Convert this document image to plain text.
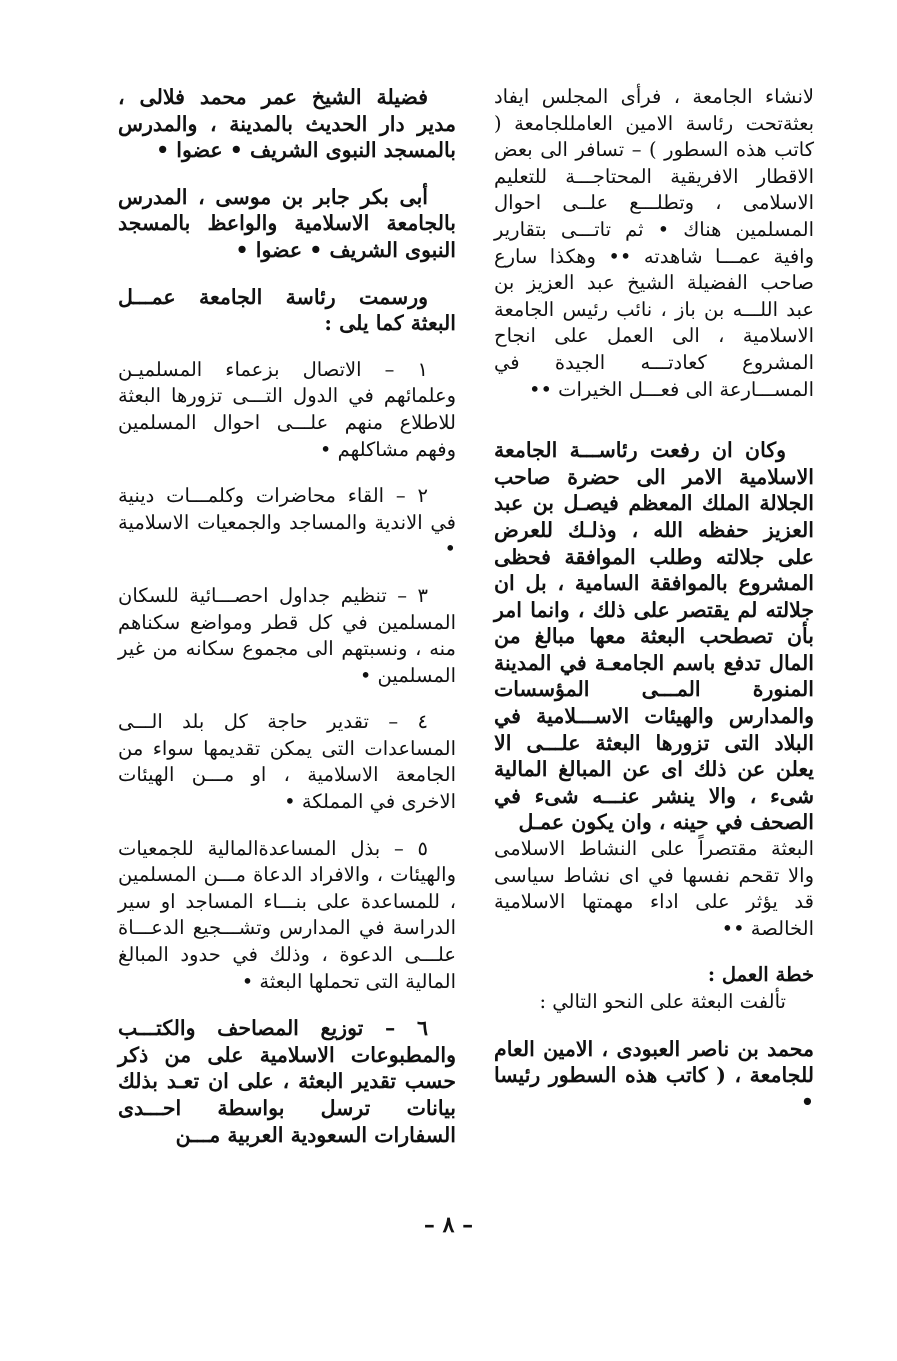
لانشاء الجامعة ، فرأى المجلس ايفاد بعثةتحت رئاسة الامين العامللجامعة ( كاتب هذه السطور ) – تسافر الى بعض الاقطار الافريقية المحتاجـــة للتعليم الاسلامى ، وتطلـــع علــى احوال المسلمين هناك • ثم تاتـــى بتقارير وافية عمـــا شاهدته •• وهكذا سارع صاحب الفضيلة الشيخ عبد العزيز بن عبد اللـــه بن باز ، نائب رئيس الجامعة الاسلامية ، الى العمل على انجاح المشروع كعادتـــه الجيدة في المســـارعة الى فعـــل الخيرات ••

وكان ان رفعت رئاســـة الجامعة الاسلامية الامر الى حضرة صاحب الجلالة الملك المعظم فيصـل بن عبد العزيز حفظه الله ، وذلـك للعرض على جلالته وطلب الموافقة فحظى المشروع بالموافقة السامية ، بل ان جلالته لم يقتصر على ذلك ، وانما امر بأن تصطحب البعثة معها مبالغ من المال تدفع باسم الجامعـة في المدينة المنورة المـــى المؤسسات والمدارس والهيئات الاســـلامية في البلاد التى تزورها البعثة علـــى الا يعلن عن ذلك اى عن المبالغ المالية شىء ، والا ينشر عنـــه شىء في الصحف في حينه ، وان يكون عمـل

البعثة مقتصراً على النشاط الاسلامى والا تقحم نفسها في اى نشاط سياسى قد يؤثر على اداء مهمتها الاسلامية الخالصة ••

خطة العمل :

تألفت البعثة على النحو التالي :

محمد بن ناصر العبودى ، الامين العام للجامعة ، ( كاتب هذه السطور رئيسا •

فضيلة الشيخ عمر محمد فلالى ، مدير دار الحديث بالمدينة ، والمدرس بالمسجد النبوى الشريف • عضوا •

أبى بكر جابر بن موسى ، المدرس بالجامعة الاسلامية والواعظ بالمسجد النبوى الشريف • عضوا •

ورسمت رئاسة الجامعة عمـــل البعثة كما يلى :

١ – الاتصال بزعماء المسلميـن وعلمائهم في الدول التـــى تزورها البعثة للاطلاع منهم علـــى احوال المسلمين وفهم مشاكلهم •

٢ – القاء محاضرات وكلمـــات دينية في الاندية والمساجد والجمعيات الاسلامية •

٣ – تنظيم جداول احصـــائية للسكان المسلمين في كل قطر ومواضع سكناهم منه ، ونسبتهم الى مجموع سكانه من غير المسلمين •

٤ – تقدير حاجة كل بلد الـــى المساعدات التى يمكن تقديمها سواء من الجامعة الاسلامية ، او مـــن الهيئات الاخرى في المملكة •

٥ – بذل المساعدةالمالية للجمعيات والهيئات ، والافراد الدعاة مـــن المسلمين ، للمساعدة على بنـــاء المساجد او سير الدراسة في المدارس وتشـــجيع الدعـــاة علـــى الدعوة ، وذلك في حدود المبالغ المالية التى تحملها البعثة •

٦ – توزيع المصاحف والكتـــب والمطبوعات الاسلامية على من ذكر حسب تقدير البعثة ، على ان تعـد بذلك بيانات ترسل بواسطة احـــدى السفارات السعودية العربية مـــن

– ٨ –
